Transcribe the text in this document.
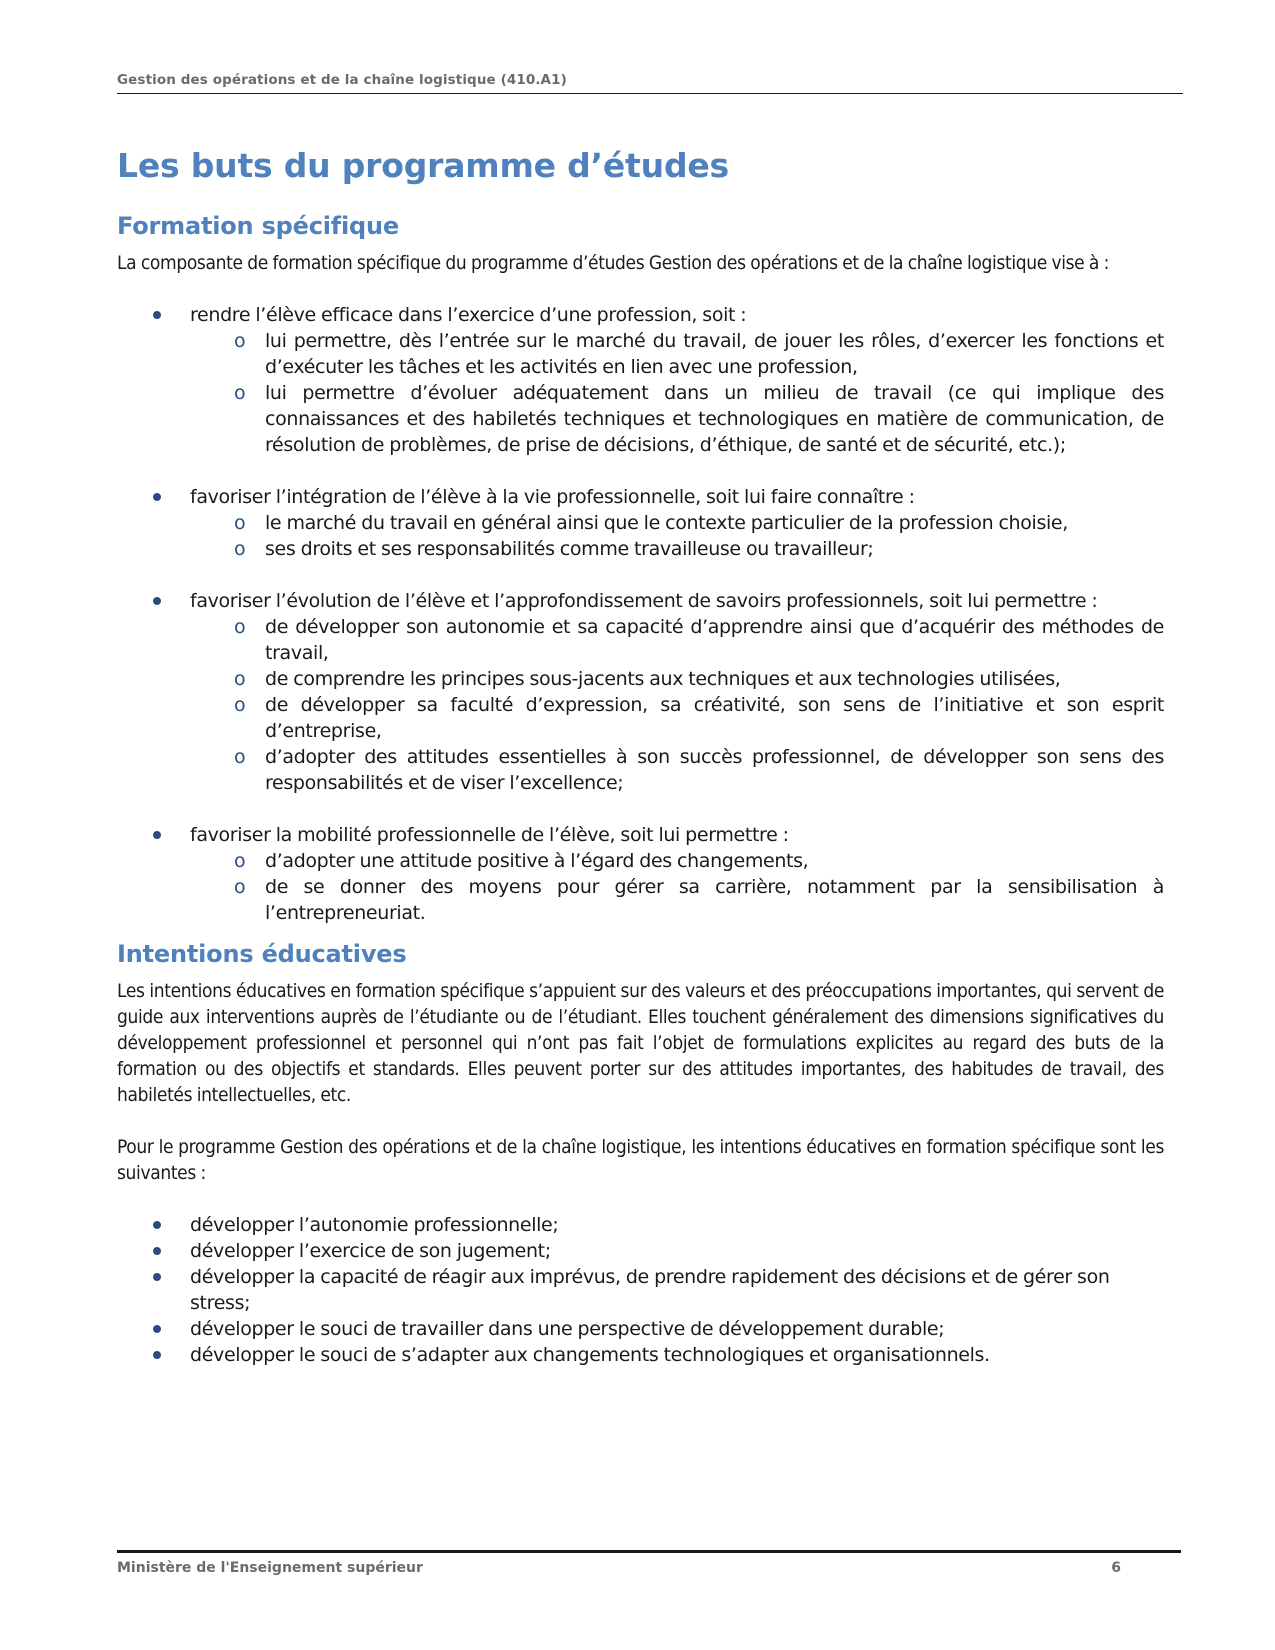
Gestion des opérations et de la chaîne logistique (410.A1)
Les buts du programme d’études
Formation spécifique

La composante de formation spécifique du programme d’études Gestion des opérations et de la chaîne logistique vise à :

rendre l’élève efficace dans l’exercice d’une profession, soit :
o lui permettre, dès l’entrée sur le marché du travail, de jouer les rôles, d’exercer les fonctions et d’exécuter les tâches et les activités en lien avec une profession,
o lui permettre d’évoluer adéquatement dans un milieu de travail (ce qui implique des connaissances et des habiletés techniques et technologiques en matière de communication, de résolution de problèmes, de prise de décisions, d’éthique, de santé et de sécurité, etc.);
favoriser l’intégration de l’élève à la vie professionnelle, soit lui faire connaître :
o le marché du travail en général ainsi que le contexte particulier de la profession choisie,
o ses droits et ses responsabilités comme travailleuse ou travailleur;
favoriser l’évolution de l’élève et l’approfondissement de savoirs professionnels, soit lui permettre :
o de développer son autonomie et sa capacité d’apprendre ainsi que d’acquérir des méthodes de travail,
o de comprendre les principes sous-jacents aux techniques et aux technologies utilisées,
o de développer sa faculté d’expression, sa créativité, son sens de l’initiative et son esprit d’entreprise,
o d’adopter des attitudes essentielles à son succès professionnel, de développer son sens des responsabilités et de viser l’excellence;
favoriser la mobilité professionnelle de l’élève, soit lui permettre :
o d’adopter une attitude positive à l’égard des changements,
o de se donner des moyens pour gérer sa carrière, notamment par la sensibilisation à l’entrepreneuriat.
Intentions éducatives

Les intentions éducatives en formation spécifique s’appuient sur des valeurs et des préoccupations importantes, qui servent de guide aux interventions auprès de l’étudiante ou de l’étudiant. Elles touchent généralement des dimensions significatives du développement professionnel et personnel qui n’ont pas fait l’objet de formulations explicites au regard des buts de la formation ou des objectifs et standards. Elles peuvent porter sur des attitudes importantes, des habitudes de travail, des habiletés intellectuelles, etc.

Pour le programme Gestion des opérations et de la chaîne logistique, les intentions éducatives en formation spécifique sont les suivantes :

développer l’autonomie professionnelle;
développer l’exercice de son jugement;
développer la capacité de réagir aux imprévus, de prendre rapidement des décisions et de gérer son stress;
développer le souci de travailler dans une perspective de développement durable;
développer le souci de s’adapter aux changements technologiques et organisationnels.
Ministère de l'Enseignement supérieur	6
